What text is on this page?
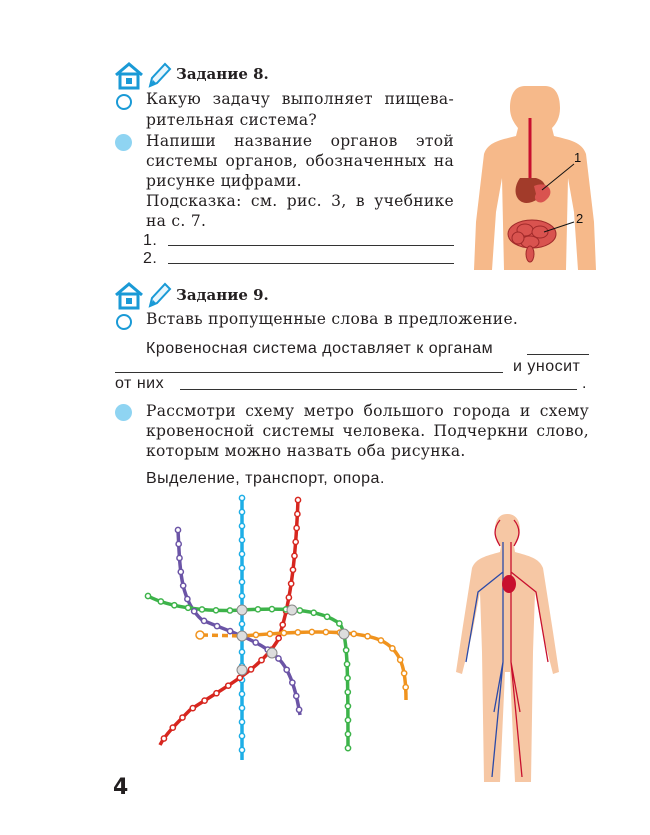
Задание 8.
Какую задачу выполняет пищева-
рительная система?
Напиши название органов этой
системы органов, обозначенных на
рисунке цифрами.
Подсказка: см. рис. 3, в учебнике
на с. 7.
1.
2.
1
2
Задание 9.
Вставь пропущенные слова в предложение.
Кровеносная система доставляет к органам
и уносит
от них	.
Рассмотри схему метро большого города и схему
кровеносной системы человека. Подчеркни слово,
которым можно назвать оба рисунка.
Выделение, транспорт, опора.
4
